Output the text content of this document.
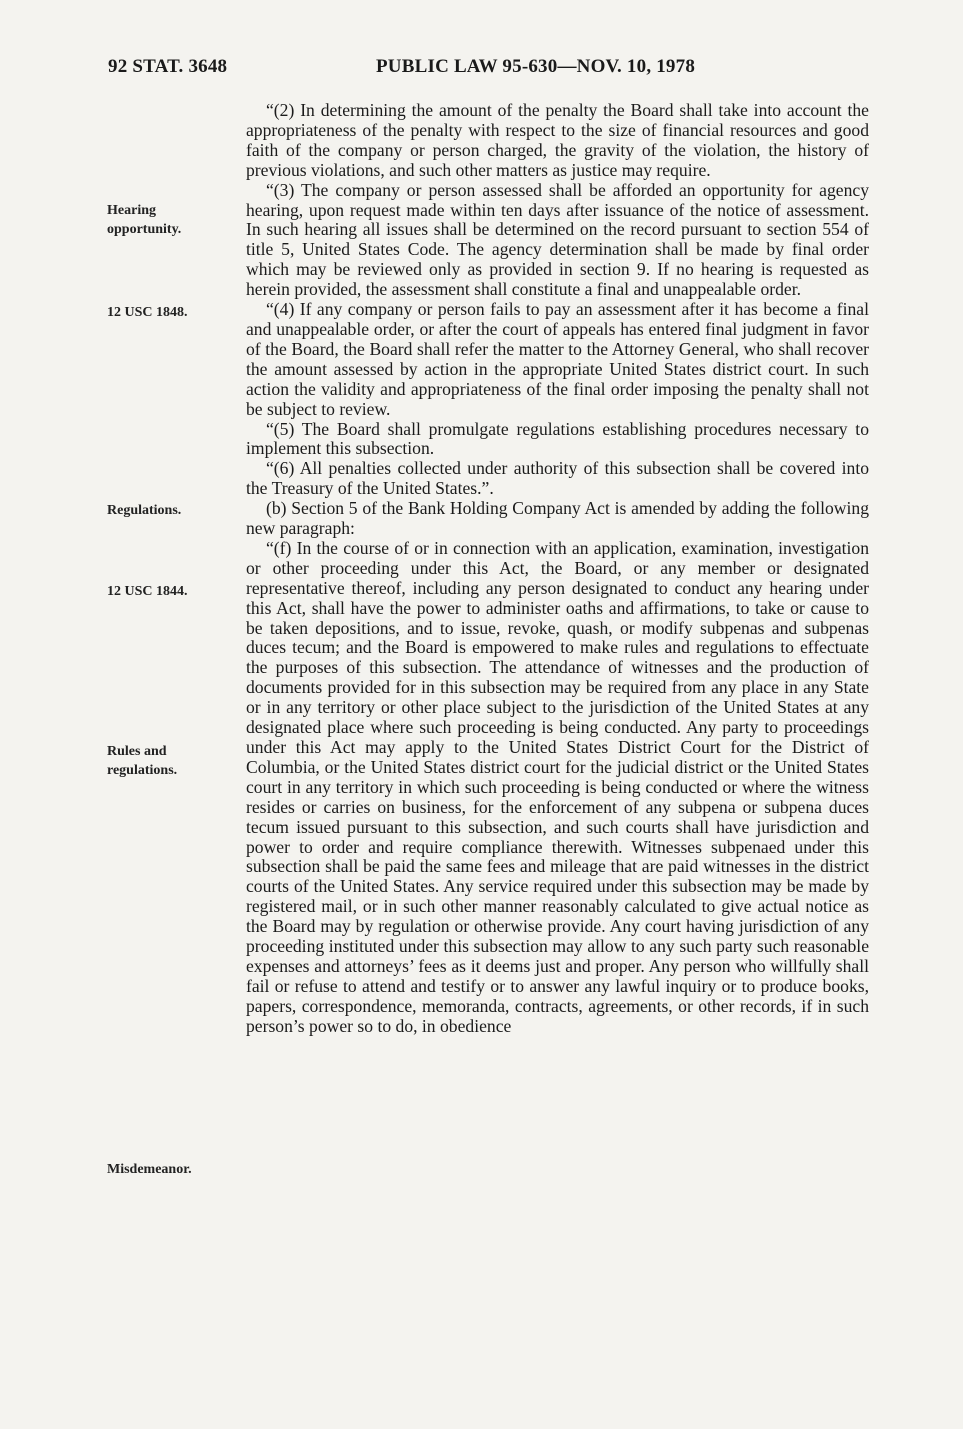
92 STAT. 3648	PUBLIC LAW 95-630—NOV. 10, 1978
Hearing opportunity.
12 USC 1848.
Regulations.
12 USC 1844.
Rules and regulations.
Misdemeanor.

“(2) In determining the amount of the penalty the Board shall take into account the appropriateness of the penalty with respect to the size of financial resources and good faith of the company or person charged, the gravity of the violation, the history of previous violations, and such other matters as justice may require.

“(3) The company or person assessed shall be afforded an opportunity for agency hearing, upon request made within ten days after issuance of the notice of assessment. In such hearing all issues shall be determined on the record pursuant to section 554 of title 5, United States Code. The agency determination shall be made by final order which may be reviewed only as provided in section 9. If no hearing is requested as herein provided, the assessment shall constitute a final and unappealable order.

“(4) If any company or person fails to pay an assessment after it has become a final and unappealable order, or after the court of appeals has entered final judgment in favor of the Board, the Board shall refer the matter to the Attorney General, who shall recover the amount assessed by action in the appropriate United States district court. In such action the validity and appropriateness of the final order imposing the penalty shall not be subject to review.

“(5) The Board shall promulgate regulations establishing procedures necessary to implement this subsection.

“(6) All penalties collected under authority of this subsection shall be covered into the Treasury of the United States.”.

(b) Section 5 of the Bank Holding Company Act is amended by adding the following new paragraph:

“(f) In the course of or in connection with an application, examination, investigation or other proceeding under this Act, the Board, or any member or designated representative thereof, including any person designated to conduct any hearing under this Act, shall have the power to administer oaths and affirmations, to take or cause to be taken depositions, and to issue, revoke, quash, or modify subpenas and subpenas duces tecum; and the Board is empowered to make rules and regulations to effectuate the purposes of this subsection. The attendance of witnesses and the production of documents provided for in this subsection may be required from any place in any State or in any territory or other place subject to the jurisdiction of the United States at any designated place where such proceeding is being conducted. Any party to proceedings under this Act may apply to the United States District Court for the District of Columbia, or the United States district court for the judicial district or the United States court in any territory in which such proceeding is being conducted or where the witness resides or carries on business, for the enforcement of any subpena or subpena duces tecum issued pursuant to this subsection, and such courts shall have jurisdiction and power to order and require compliance therewith. Witnesses subpenaed under this subsection shall be paid the same fees and mileage that are paid witnesses in the district courts of the United States. Any service required under this subsection may be made by registered mail, or in such other manner reasonably calculated to give actual notice as the Board may by regulation or otherwise provide. Any court having jurisdiction of any proceeding instituted under this subsection may allow to any such party such reasonable expenses and attorneys’ fees as it deems just and proper. Any person who willfully shall fail or refuse to attend and testify or to answer any lawful inquiry or to produce books, papers, correspondence, memoranda, contracts, agreements, or other records, if in such person’s power so to do, in obedience
